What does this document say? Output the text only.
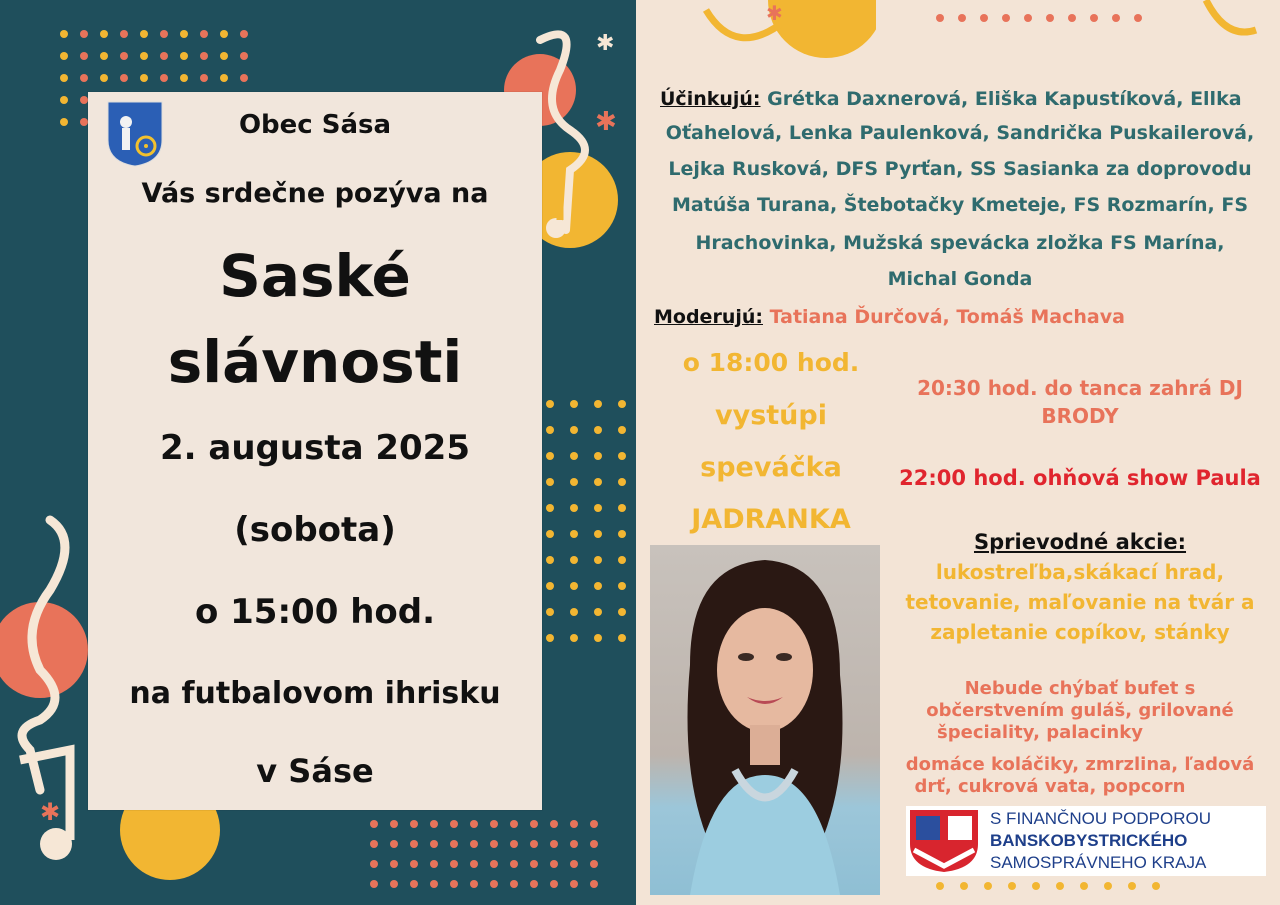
✱
✱
✱
Obec Sása
Vás srdečne pozýva na
Saské
slávnosti
2. augusta 2025
(sobota)
o 15:00 hod.
na futbalovom ihrisku
v Sáse
✱
Účinkujú: Grétka Daxnerová, Eliška Kapustíková, Ellka
Oťahelová, Lenka Paulenková, Sandrička Puskailerová,
Lejka Rusková, DFS Pyrťan, SS Sasianka za doprovodu
Matúša Turana, Štebotačky Kmeteje, FS Rozmarín, FS
Hrachovinka, Mužská spevácka zložka FS Marína,
Michal Gonda
Moderujú: Tatiana Ďurčová, Tomáš Machava
o 18:00 hod.
vystúpi
speváčka
JADRANKA
20:30 hod. do tanca zahrá DJ
BRODY
22:00 hod. ohňová show Paula
Sprievodné akcie:
lukostreľba,skákací hrad,
tetovanie, maľovanie na tvár a
zapletanie copíkov, stánky
Nebude chýbať bufet s
občerstvením guláš, grilované
špeciality, palacinky
domáce koláčiky, zmrzlina, ľadová
drť, cukrová vata, popcorn
S FINANČNOU PODPOROU
BANSKOBYSTRICKÉHO
SAMOSPRÁVNEHO KRAJA
